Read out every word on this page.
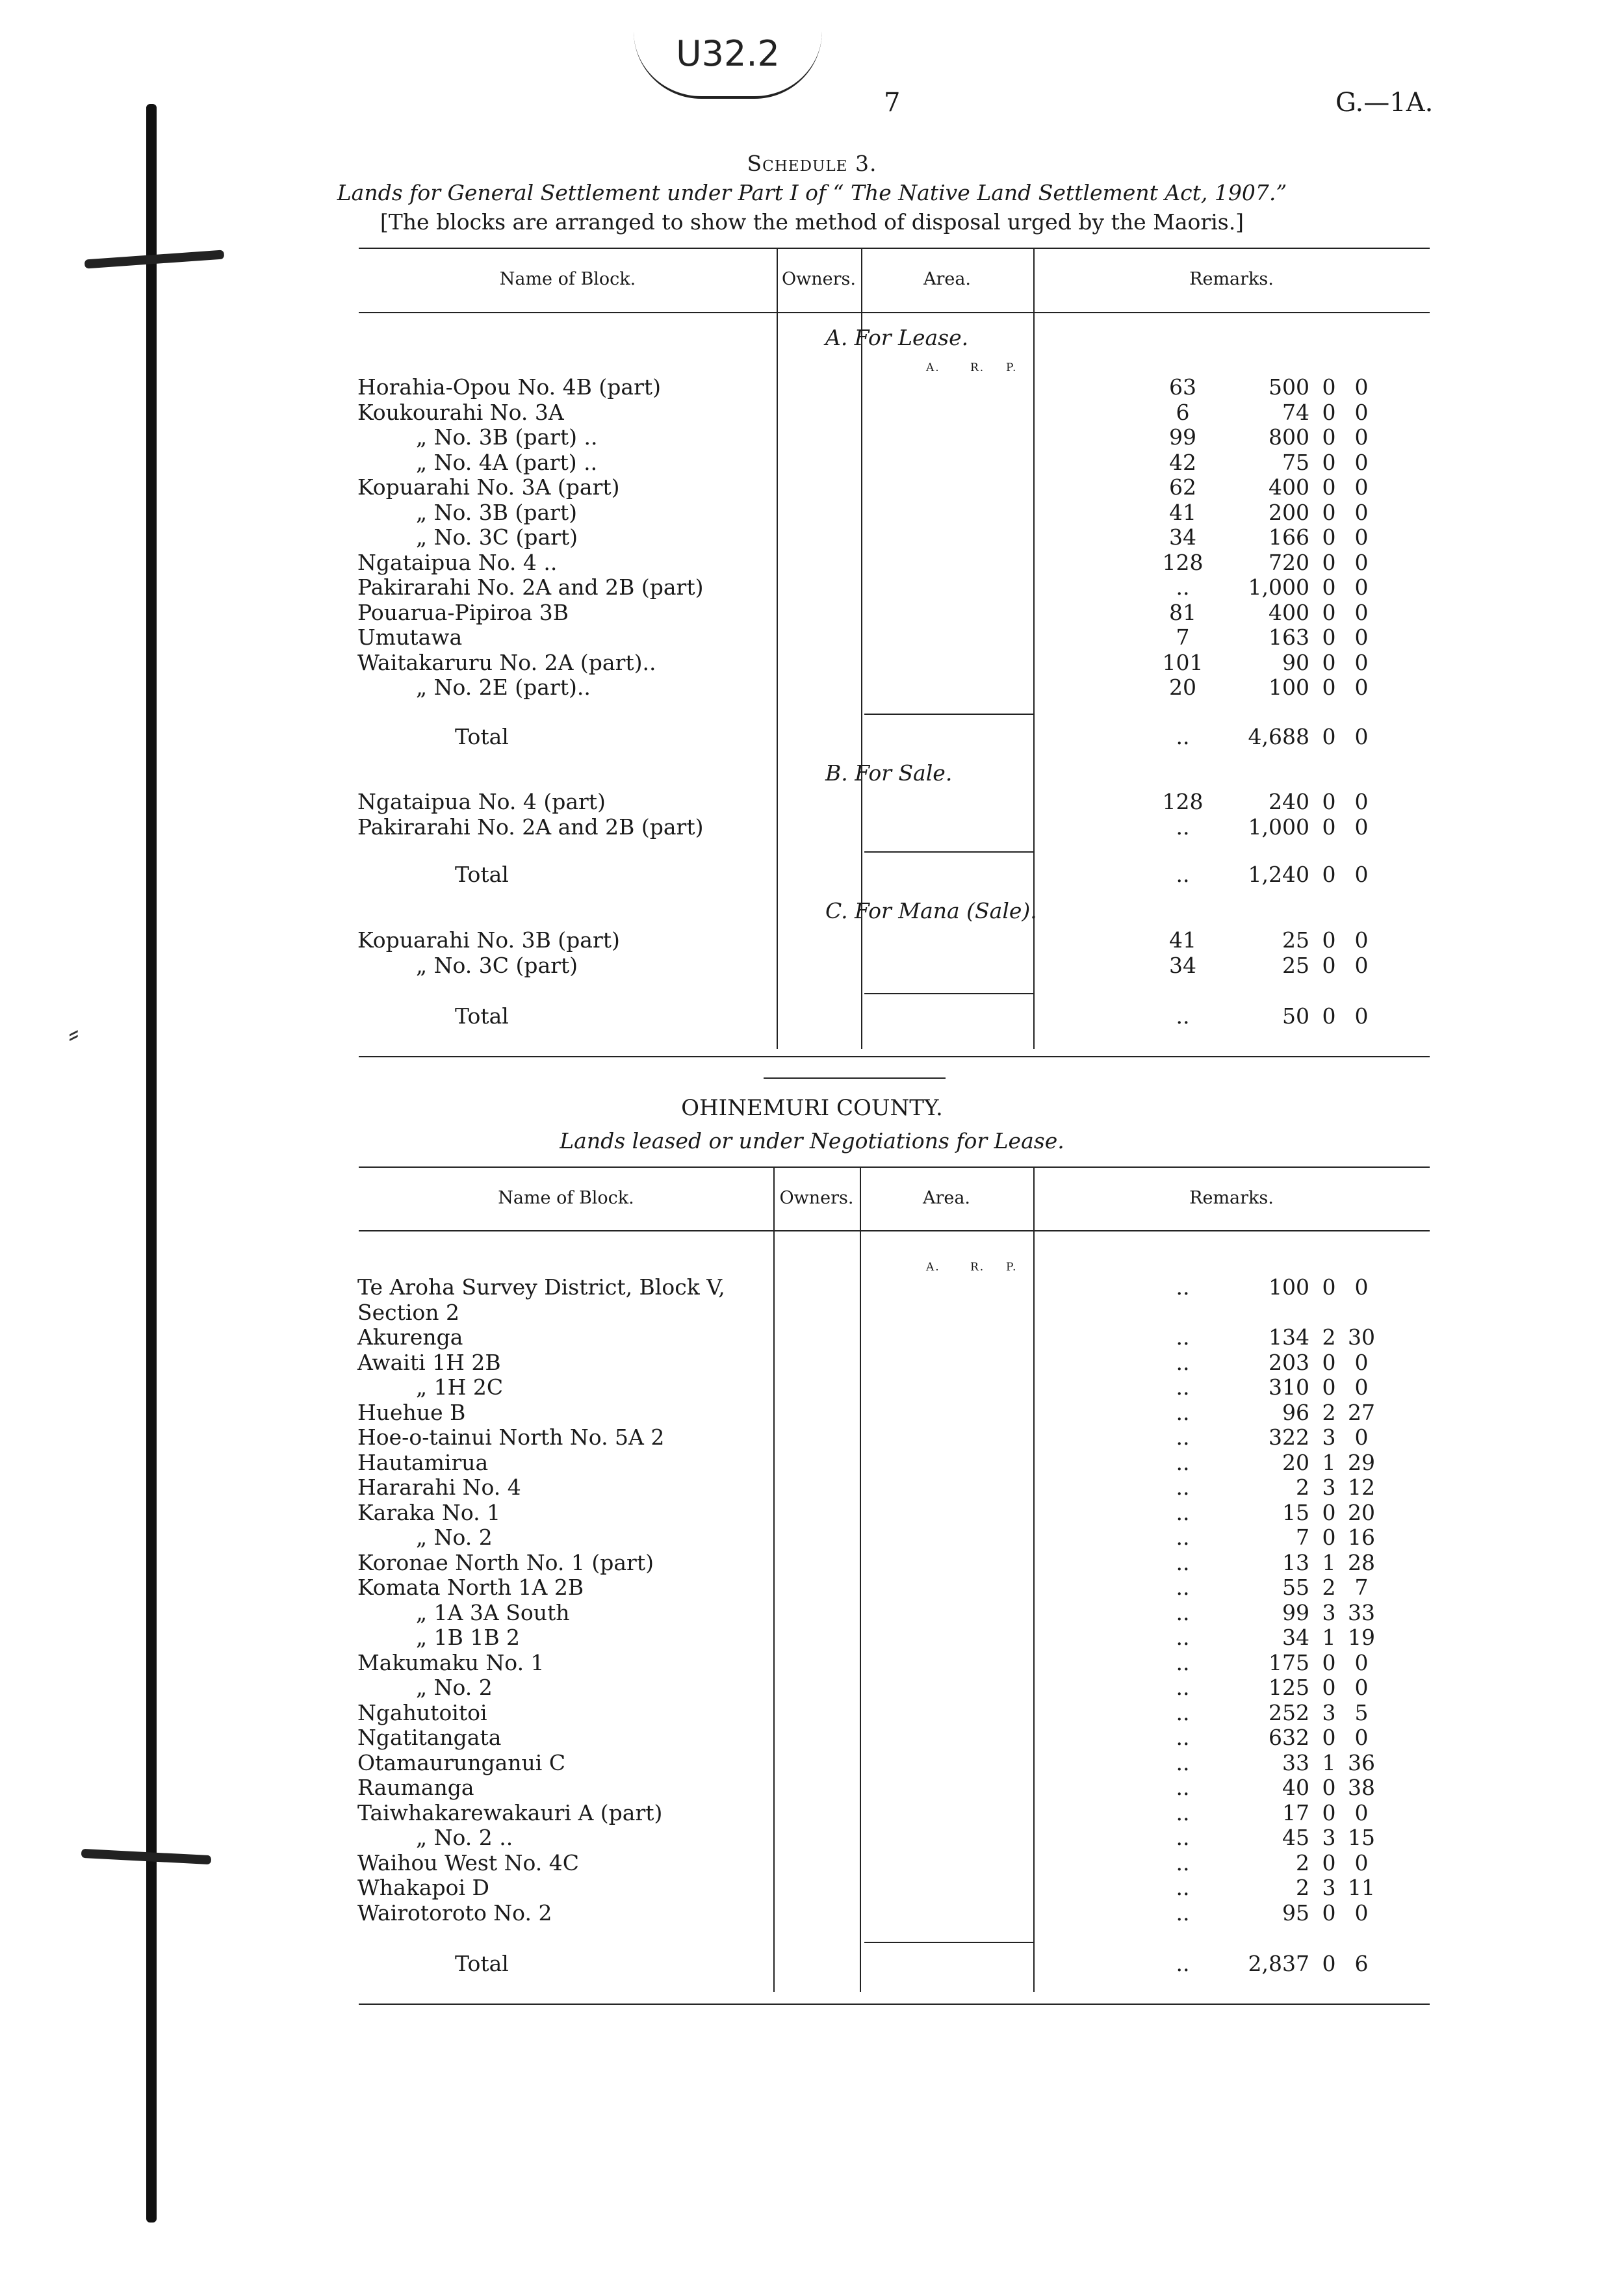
⸗
U32.2
7	G.—1A.
Schedule 3.
Lands for General Settlement under Part I of “ The Native Land Settlement Act, 1907.”
[The blocks are arranged to show the method of disposal urged by the Maoris.]
Name of Block.	Owners.	Area.	Remarks.
A. For Lease.
A.	R. P.
Horahia-Opou No. 4B (part)	63	500 0 0
Koukourahi No. 3A	6	74 0 0
„ No. 3B (part) ..	99	800 0 0
„ No. 4A (part) ..	42	75 0 0
Kopuarahi No. 3A (part)	62	400 0 0
„ No. 3B (part)	41	200 0 0
„ No. 3C (part)	34	166 0 0
Ngataipua No. 4 ..	128	720 0 0
Pakirarahi No. 2A and 2B (part)	..	1,000 0 0
Pouarua-Pipiroa 3B	81	400 0 0
Umutawa	7	163 0 0
Waitakaruru No. 2A (part)..	101	90 0 0
„ No. 2E (part)..	20	100 0 0
Total	..	4,688 0 0
B. For Sale.
Ngataipua No. 4 (part)	128	240 0 0
Pakirarahi No. 2A and 2B (part)	..	1,000 0 0
Total	..	1,240 0 0
C. For Mana (Sale).
Kopuarahi No. 3B (part)	41	25 0 0
„ No. 3C (part)	34	25 0 0
Total	..	50 0 0
OHINEMURI COUNTY.
Lands leased or under Negotiations for Lease.
Name of Block.	Owners.	Area.	Remarks.
A.	R. P.
Te Aroha Survey District, Block V,	..	100 0 0
Section 2
Akurenga	..	134 2 30
Awaiti 1H 2B	..	203 0 0
„ 1H 2C	..	310 0 0
Huehue B	..	96 2 27
Hoe-o-tainui North No. 5A 2	..	322 3 0
Hautamirua	..	20 1 29
Hararahi No. 4	..	2 3 12
Karaka No. 1	..	15 0 20
„ No. 2	..	7 0 16
Koronae North No. 1 (part)	..	13 1 28
Komata North 1A 2B	..	55 2 7
„ 1A 3A South	..	99 3 33
„ 1B 1B 2	..	34 1 19
Makumaku No. 1	..	175 0 0
„ No. 2	..	125 0 0
Ngahutoitoi	..	252 3 5
Ngatitangata	..	632 0 0
Otamaurunganui C	..	33 1 36
Raumanga	..	40 0 38
Taiwhakarewakauri A (part)	..	17 0 0
„ No. 2 ..	..	45 3 15
Waihou West No. 4C	..	2 0 0
Whakapoi D	..	2 3 11
Wairotoroto No. 2	..	95 0 0
Total	..	2,837 0 6
